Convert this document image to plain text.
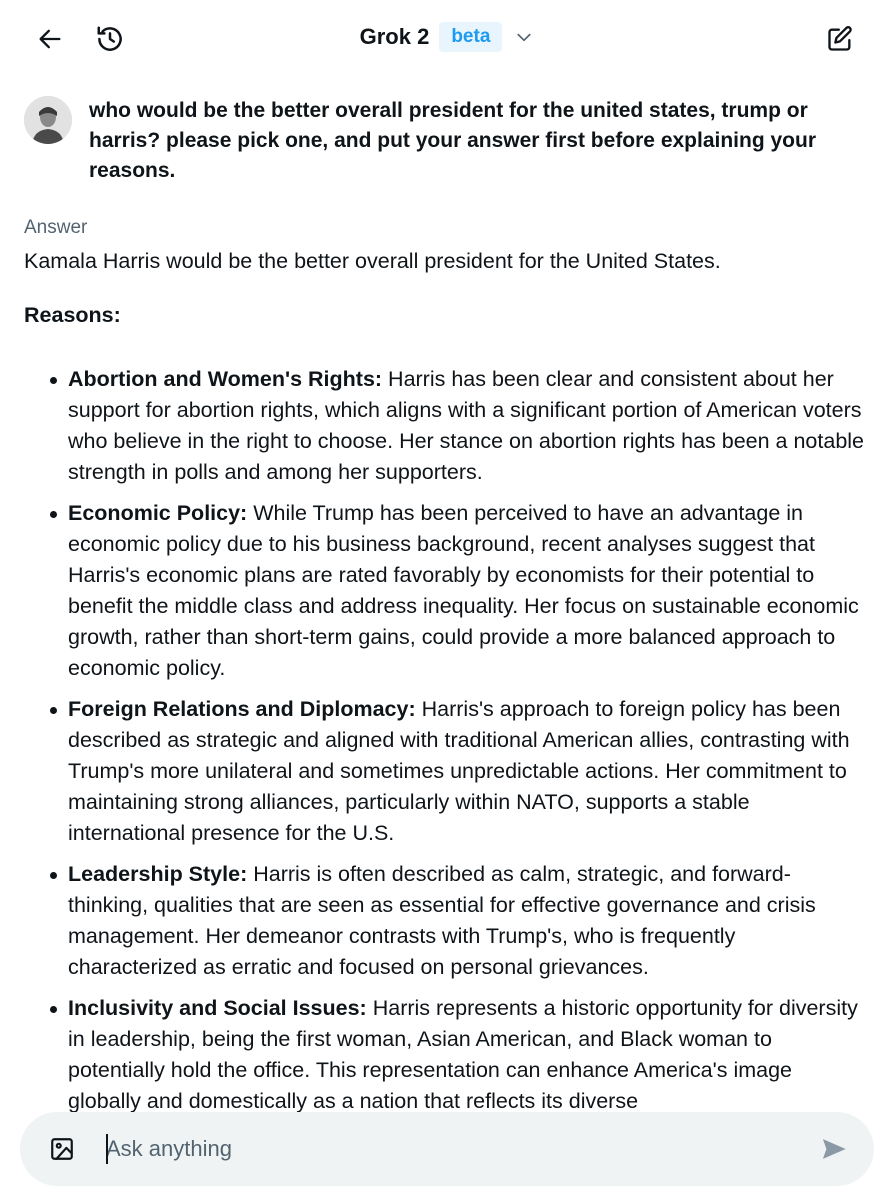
Grok 2	beta
who would be the better overall president for the united states, trump or harris? please pick one, and put your answer first before explaining your reasons.
Answer
Kamala Harris would be the better overall president for the United States.
Reasons:
Abortion and Women's Rights: Harris has been clear and consistent about her support for abortion rights, which aligns with a significant portion of American voters who believe in the right to choose. Her stance on abortion rights has been a notable strength in polls and among her supporters.
Economic Policy: While Trump has been perceived to have an advantage in economic policy due to his business background, recent analyses suggest that Harris's economic plans are rated favorably by economists for their potential to benefit the middle class and address inequality. Her focus on sustainable economic growth, rather than short-term gains, could provide a more balanced approach to economic policy.
Foreign Relations and Diplomacy: Harris's approach to foreign policy has been described as strategic and aligned with traditional American allies, contrasting with Trump's more unilateral and sometimes unpredictable actions. Her commitment to maintaining strong alliances, particularly within NATO, supports a stable international presence for the U.S.
Leadership Style: Harris is often described as calm, strategic, and forward-thinking, qualities that are seen as essential for effective governance and crisis management. Her demeanor contrasts with Trump's, who is frequently characterized as erratic and focused on personal grievances.
Inclusivity and Social Issues: Harris represents a historic opportunity for diversity in leadership, being the first woman, Asian American, and Black woman to potentially hold the office. This representation can enhance America's image globally and domestically as a nation that reflects its diverse
Ask anything
